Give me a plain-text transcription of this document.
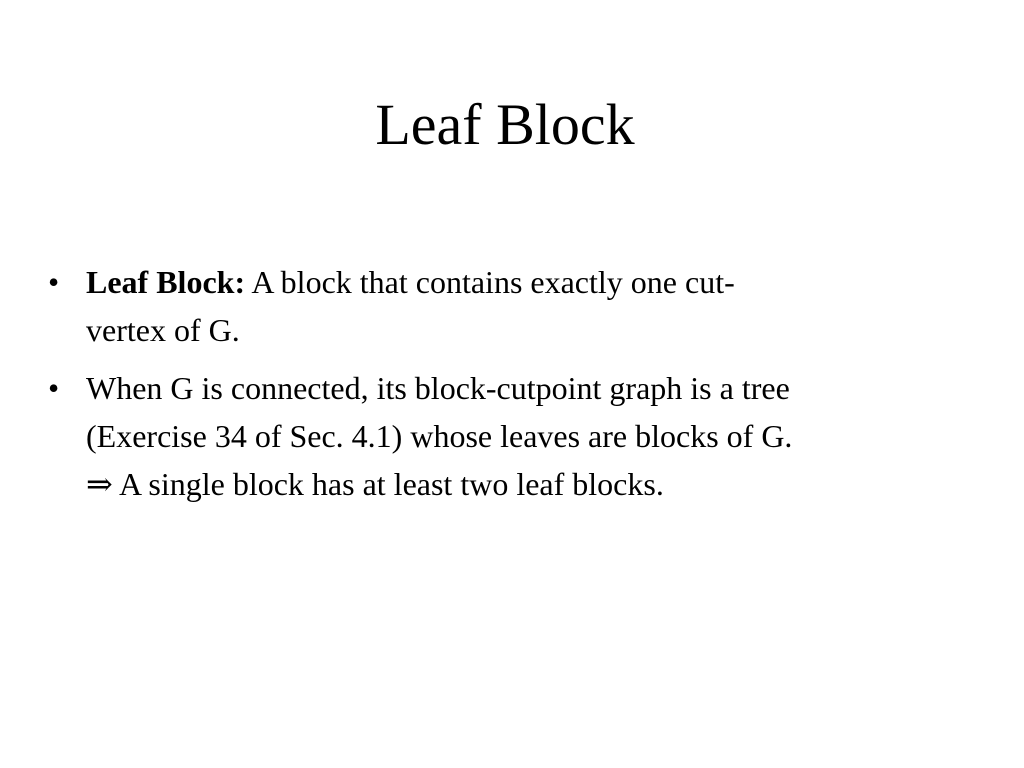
Leaf Block
• Leaf Block: A block that contains exactly one cut-
vertex of G.
• When G is connected, its block-cutpoint graph is a tree
(Exercise 34 of Sec. 4.1) whose leaves are blocks of G.
⇒ A single block has at least two leaf blocks.
